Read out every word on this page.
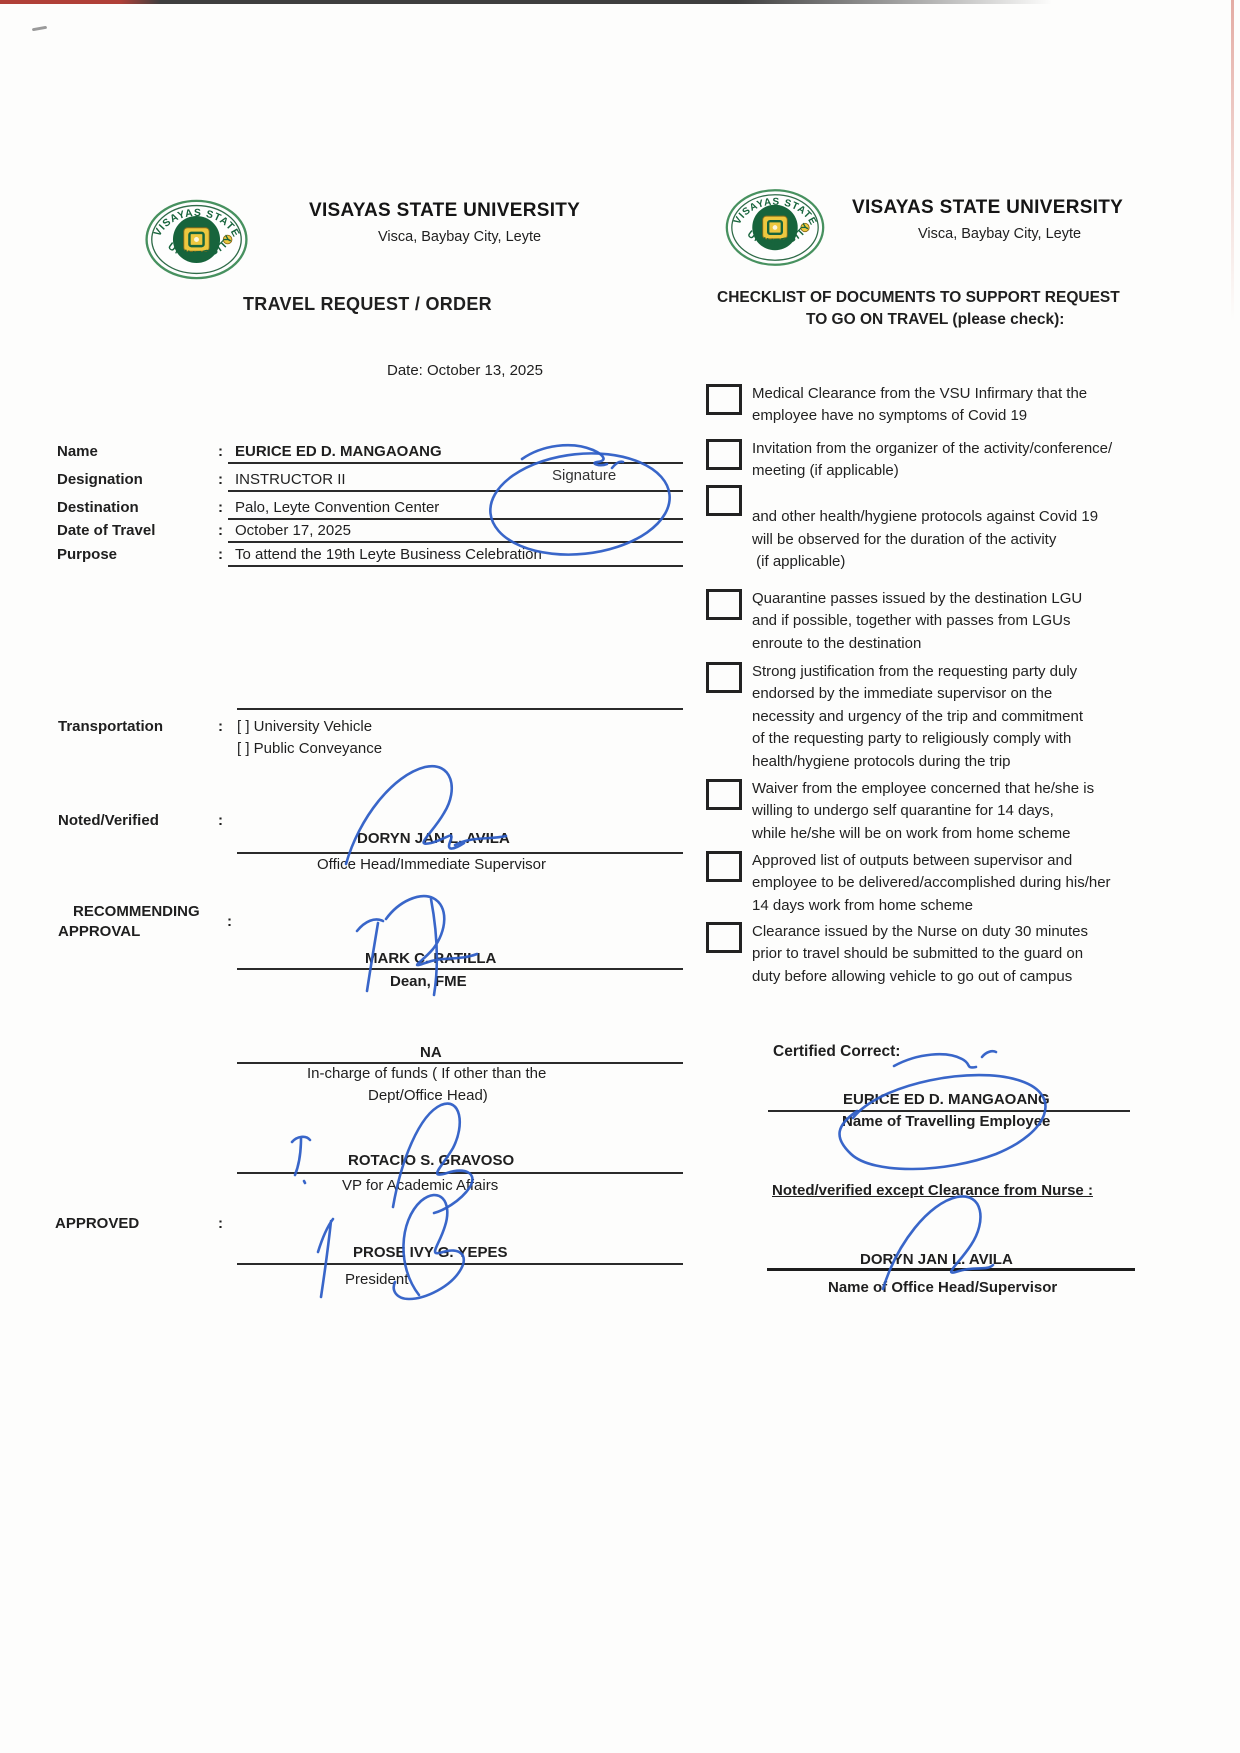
VISAYAS STATE UNIVERSITY
Visca, Baybay City, Leyte
TRAVEL REQUEST / ORDER
Date: October 13, 2025
Name	: EURICE ED D. MANGAOANG
Designation	: INSTRUCTOR II
Destination	: Palo, Leyte Convention Center
Date of Travel	: October 17, 2025
Purpose	: To attend the 19th Leyte Business Celebration
Signature
Transportation	: [ ] University Vehicle
[ ] Public Conveyance
Noted/Verified	:
DORYN JAN L. AVILA
Office Head/Immediate Supervisor
RECOMMENDING
APPROVAL
:
MARK C. RATILLA
Dean, FME
NA
In-charge of funds ( If other than the
Dept/Office Head)
ROTACIO S. GRAVOSO
VP for Academic Affairs
APPROVED	:
PROSE IVY G. YEPES
President
VISAYAS STATE UNIVERSITY
Visca, Baybay City, Leyte
CHECKLIST OF DOCUMENTS TO SUPPORT REQUEST
TO GO ON TRAVEL (please check):
Medical Clearance from the VSU Infirmary that the
employee have no symptoms of Covid 19
Invitation from the organizer of the activity/conference/
meeting (if applicable)
and other health/hygiene protocols against Covid 19
will be observed for the duration of the activity
(if applicable)
Quarantine passes issued by the destination LGU
and if possible, together with passes from LGUs
enroute to the destination
Strong justification from the requesting party duly
endorsed by the immediate supervisor on the
necessity and urgency of the trip and commitment
of the requesting party to religiously comply with
health/hygiene protocols during the trip
Waiver from the employee concerned that he/she is
willing to undergo self quarantine for 14 days,
while he/she will be on work from home scheme
Approved list of outputs between supervisor and
employee to be delivered/accomplished during his/her
14 days work from home scheme
Clearance issued by the Nurse on duty 30 minutes
prior to travel should be submitted to the guard on
duty before allowing vehicle to go out of campus
Certified Correct:
EURICE ED D. MANGAOANG
Name of Travelling Employee
Noted/verified except Clearance from Nurse :
DORYN JAN L. AVILA
Name of Office Head/Supervisor
